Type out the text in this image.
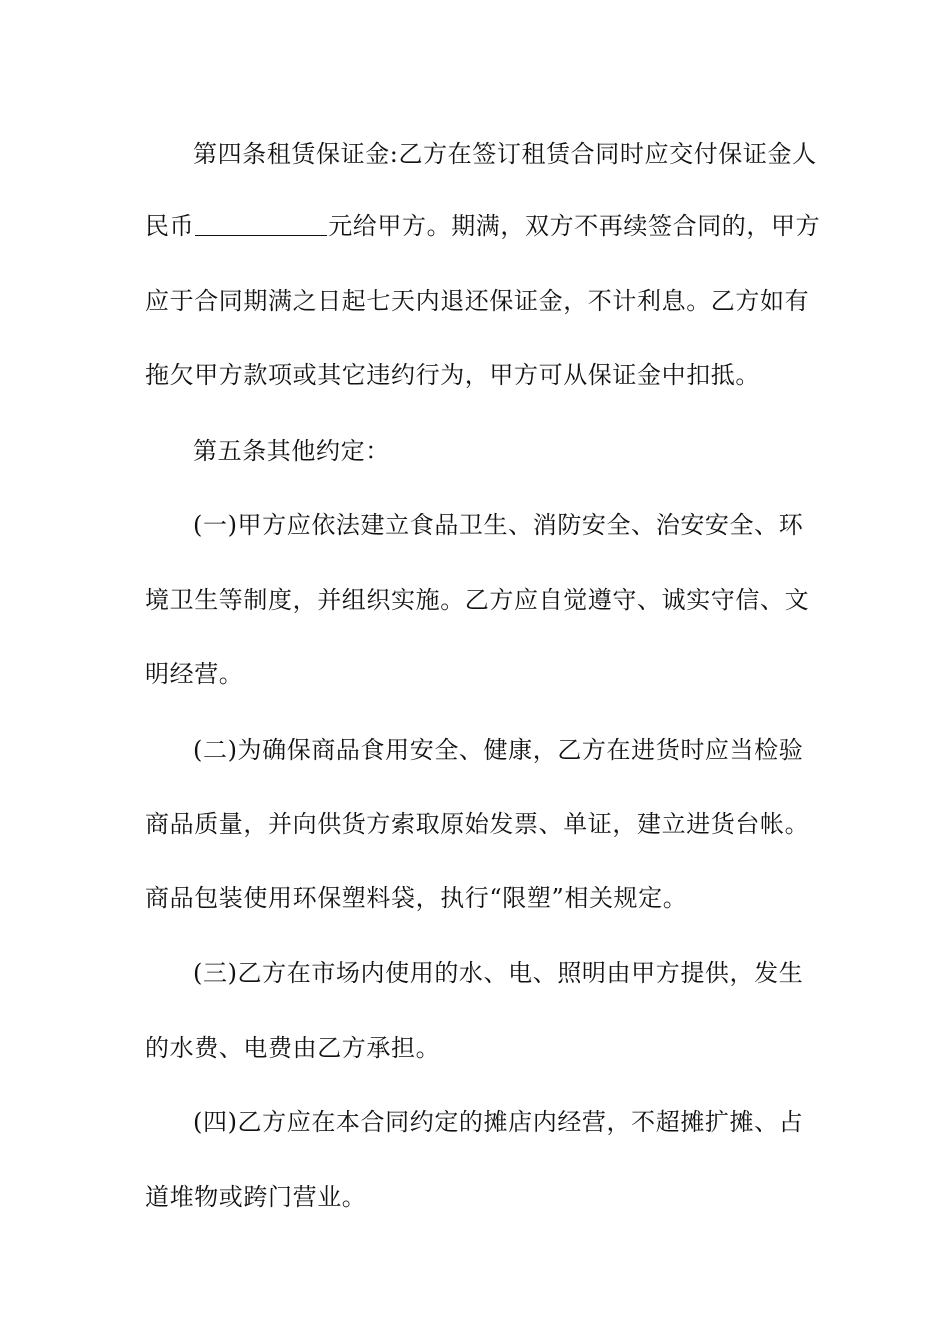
第四条租赁保证金:乙方在签订租赁合同时应交付保证金人
民币	元给甲方。期满，双方不再续签合同的，甲方
应于合同期满之日起七天内退还保证金，不计利息。乙方如有
拖欠甲方款项或其它违约行为，甲方可从保证金中扣抵。
第五条其他约定：
(一)甲方应依法建立食品卫生、消防安全、治安安全、环
境卫生等制度，并组织实施。乙方应自觉遵守、诚实守信、文
明经营。
(二)为确保商品食用安全、健康，乙方在进货时应当检验
商品质量，并向供货方索取原始发票、单证，建立进货台帐。
商品包装使用环保塑料袋，执行“限塑”相关规定。
(三)乙方在市场内使用的水、电、照明由甲方提供，发生
的水费、电费由乙方承担。
(四)乙方应在本合同约定的摊店内经营，不超摊扩摊、占
道堆物或跨门营业。
